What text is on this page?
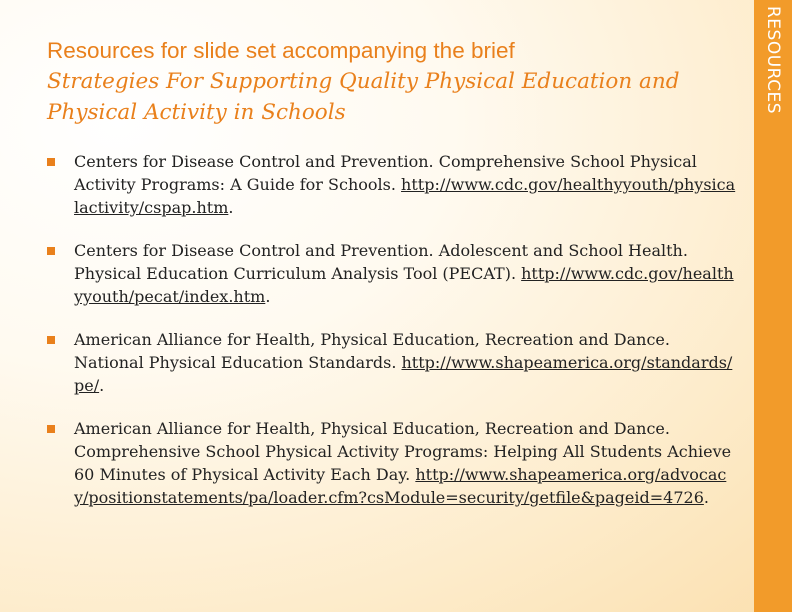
RESOURCES
Resources for slide set accompanying the brief
Strategies For Supporting Quality Physical Education and Physical Activity in Schools
Centers for Disease Control and Prevention. Comprehensive School Physical Activity Programs: A Guide for Schools. http://www.cdc.gov/healthyyouth/physicalactivity/cspap.htm.
Centers for Disease Control and Prevention. Adolescent and School Health. Physical Education Curriculum Analysis Tool (PECAT). http://www.cdc.gov/healthyyouth/pecat/index.htm.
American Alliance for Health, Physical Education, Recreation and Dance. National Physical Education Standards. http://www.shapeamerica.org/standards/pe/.
American Alliance for Health, Physical Education, Recreation and Dance. Comprehensive School Physical Activity Programs: Helping All Students Achieve 60 Minutes of Physical Activity Each Day. http://www.shapeamerica.org/advocacy/positionstatements/pa/loader.cfm?csModule=security/getfile&pageid=4726.
